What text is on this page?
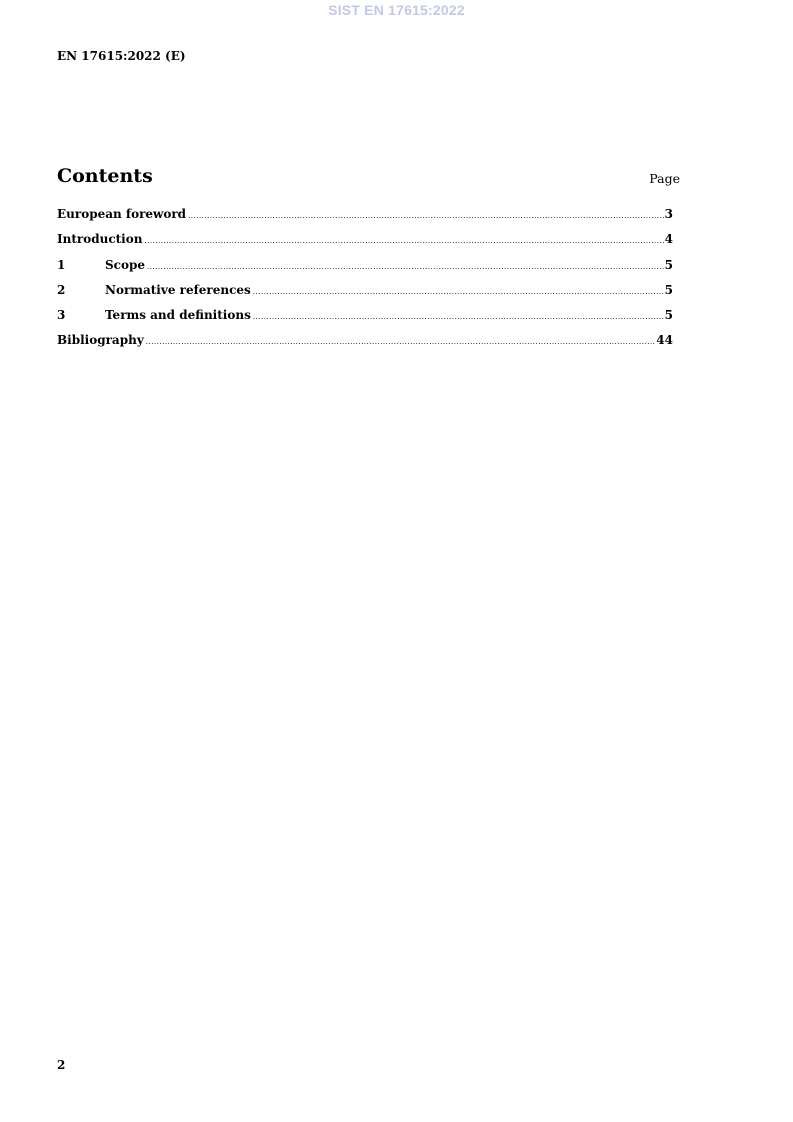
SIST EN 17615:2022
EN 17615:2022 (E)
Contents	Page
European foreword .....	3
Introduction .....	4
1	Scope .....	5
2	Normative references .....	5
3	Terms and definitions .....	5
Bibliography .....	44
2
